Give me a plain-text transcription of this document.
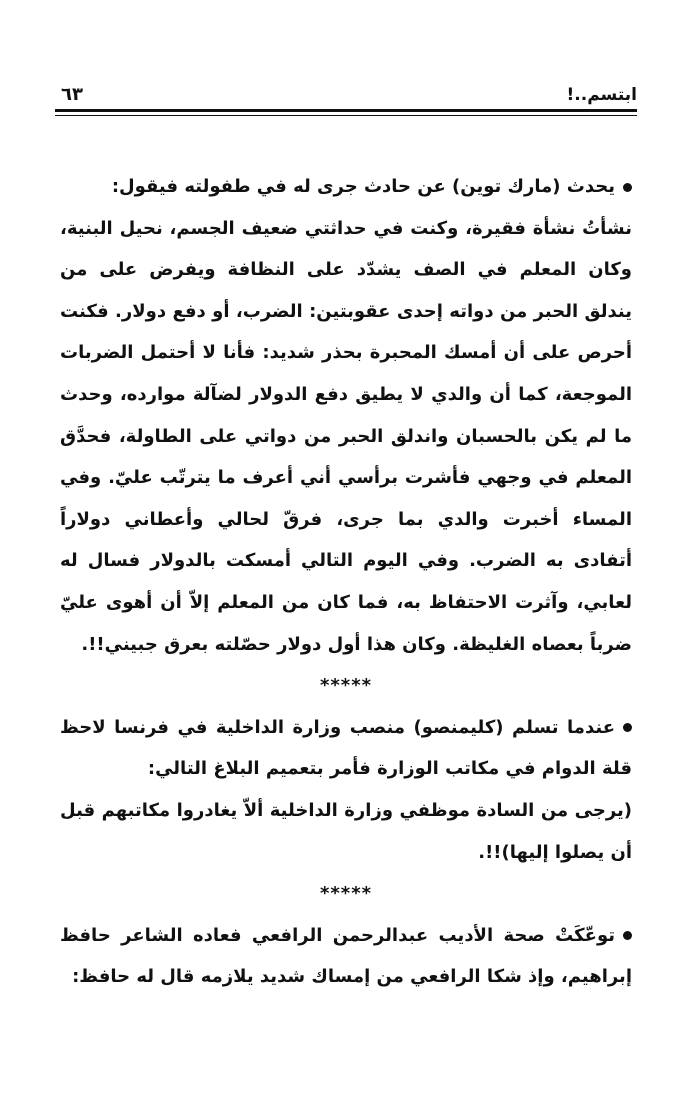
ابتسم..!
٦٣

يحدث (مارك توين) عن حادث جرى له في طفولته فيقول:

نشأتُ نشأة فقيرة، وكنت في حداثتي ضعيف الجسم، نحيل البنية، وكان المعلم في الصف يشدّد على النظافة ويفرض على من يندلق الحبر من دواته إحدى عقوبتين: الضرب، أو دفع دولار. فكنت أحرص على أن أمسك المحبرة بحذر شديد: فأنا لا أحتمل الضربات الموجعة، كما أن والدي لا يطيق دفع الدولار لضآلة موارده، وحدث ما لم يكن بالحسبان واندلق الحبر من دواتي على الطاولة، فحدَّق المعلم في وجهي فأشرت برأسي أني أعرف ما يترتّب عليّ. وفي المساء أخبرت والدي بما جرى، فرقّ لحالي وأعطاني دولاراً أتفادى به الضرب. وفي اليوم التالي أمسكت بالدولار فسال له لعابي، وآثرت الاحتفاظ به، فما كان من المعلم إلاّ أن أهوى عليّ ضرباً بعصاه الغليظة. وكان هذا أول دولار حصّلته بعرق جبيني!!.

*****

عندما تسلم (كليمنصو) منصب وزارة الداخلية في فرنسا لاحظ قلة الدوام في مكاتب الوزارة فأمر بتعميم البلاغ التالي:

(يرجى من السادة موظفي وزارة الداخلية ألاّ يغادروا مكاتبهم قبل أن يصلوا إليها)!!.

*****

توعّكَتْ صحة الأديب عبدالرحمن الرافعي فعاده الشاعر حافظ إبراهيم، وإذ شكا الرافعي من إمساك شديد يلازمه قال له حافظ:
